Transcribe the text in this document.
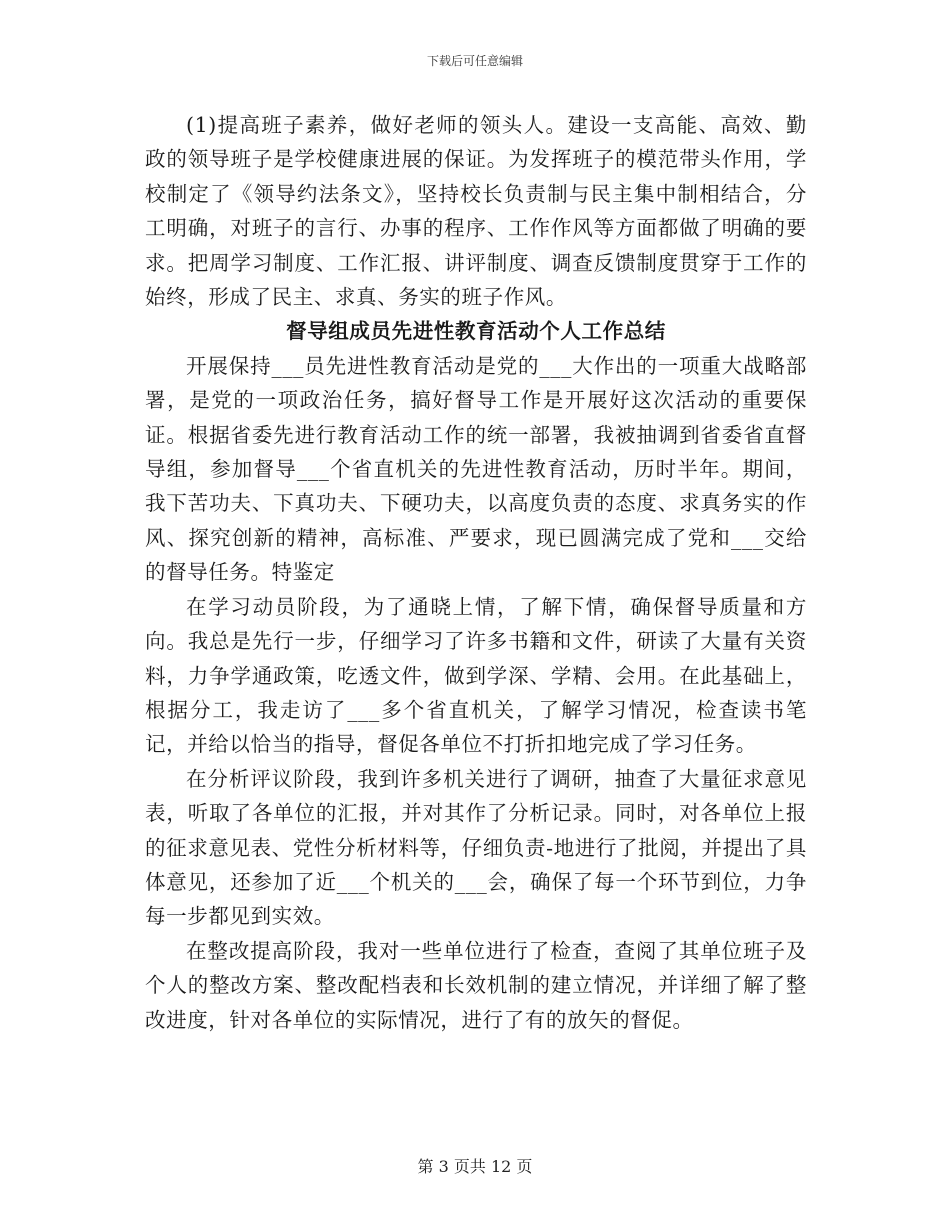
下载后可任意编辑

(1)提高班子素养，做好老师的领头人。建设一支高能、高效、勤政的领导班子是学校健康进展的保证。为发挥班子的模范带头作用，学校制定了《领导约法条文》，坚持校长负责制与民主集中制相结合，分工明确，对班子的言行、办事的程序、工作作风等方面都做了明确的要求。把周学习制度、工作汇报、讲评制度、调查反馈制度贯穿于工作的始终，形成了民主、求真、务实的班子作风。

督导组成员先进性教育活动个人工作总结

开展保持___员先进性教育活动是党的___大作出的一项重大战略部署，是党的一项政治任务，搞好督导工作是开展好这次活动的重要保证。根据省委先进行教育活动工作的统一部署，我被抽调到省委省直督导组，参加督导___个省直机关的先进性教育活动，历时半年。期间，我下苦功夫、下真功夫、下硬功夫，以高度负责的态度、求真务实的作风、探究创新的精神，高标准、严要求，现已圆满完成了党和___交给的督导任务。特鉴定

在学习动员阶段，为了通晓上情，了解下情，确保督导质量和方向。我总是先行一步，仔细学习了许多书籍和文件，研读了大量有关资料，力争学通政策，吃透文件，做到学深、学精、会用。在此基础上，根据分工，我走访了___多个省直机关，了解学习情况，检查读书笔记，并给以恰当的指导，督促各单位不打折扣地完成了学习任务。

在分析评议阶段，我到许多机关进行了调研，抽查了大量征求意见表，听取了各单位的汇报，并对其作了分析记录。同时，对各单位上报的征求意见表、党性分析材料等，仔细负责-地进行了批阅，并提出了具体意见，还参加了近___个机关的___会，确保了每一个环节到位，力争每一步都见到实效。

在整改提高阶段，我对一些单位进行了检查，查阅了其单位班子及个人的整改方案、整改配档表和长效机制的建立情况，并详细了解了整改进度，针对各单位的实际情况，进行了有的放矢的督促。

第 3 页共 12 页
